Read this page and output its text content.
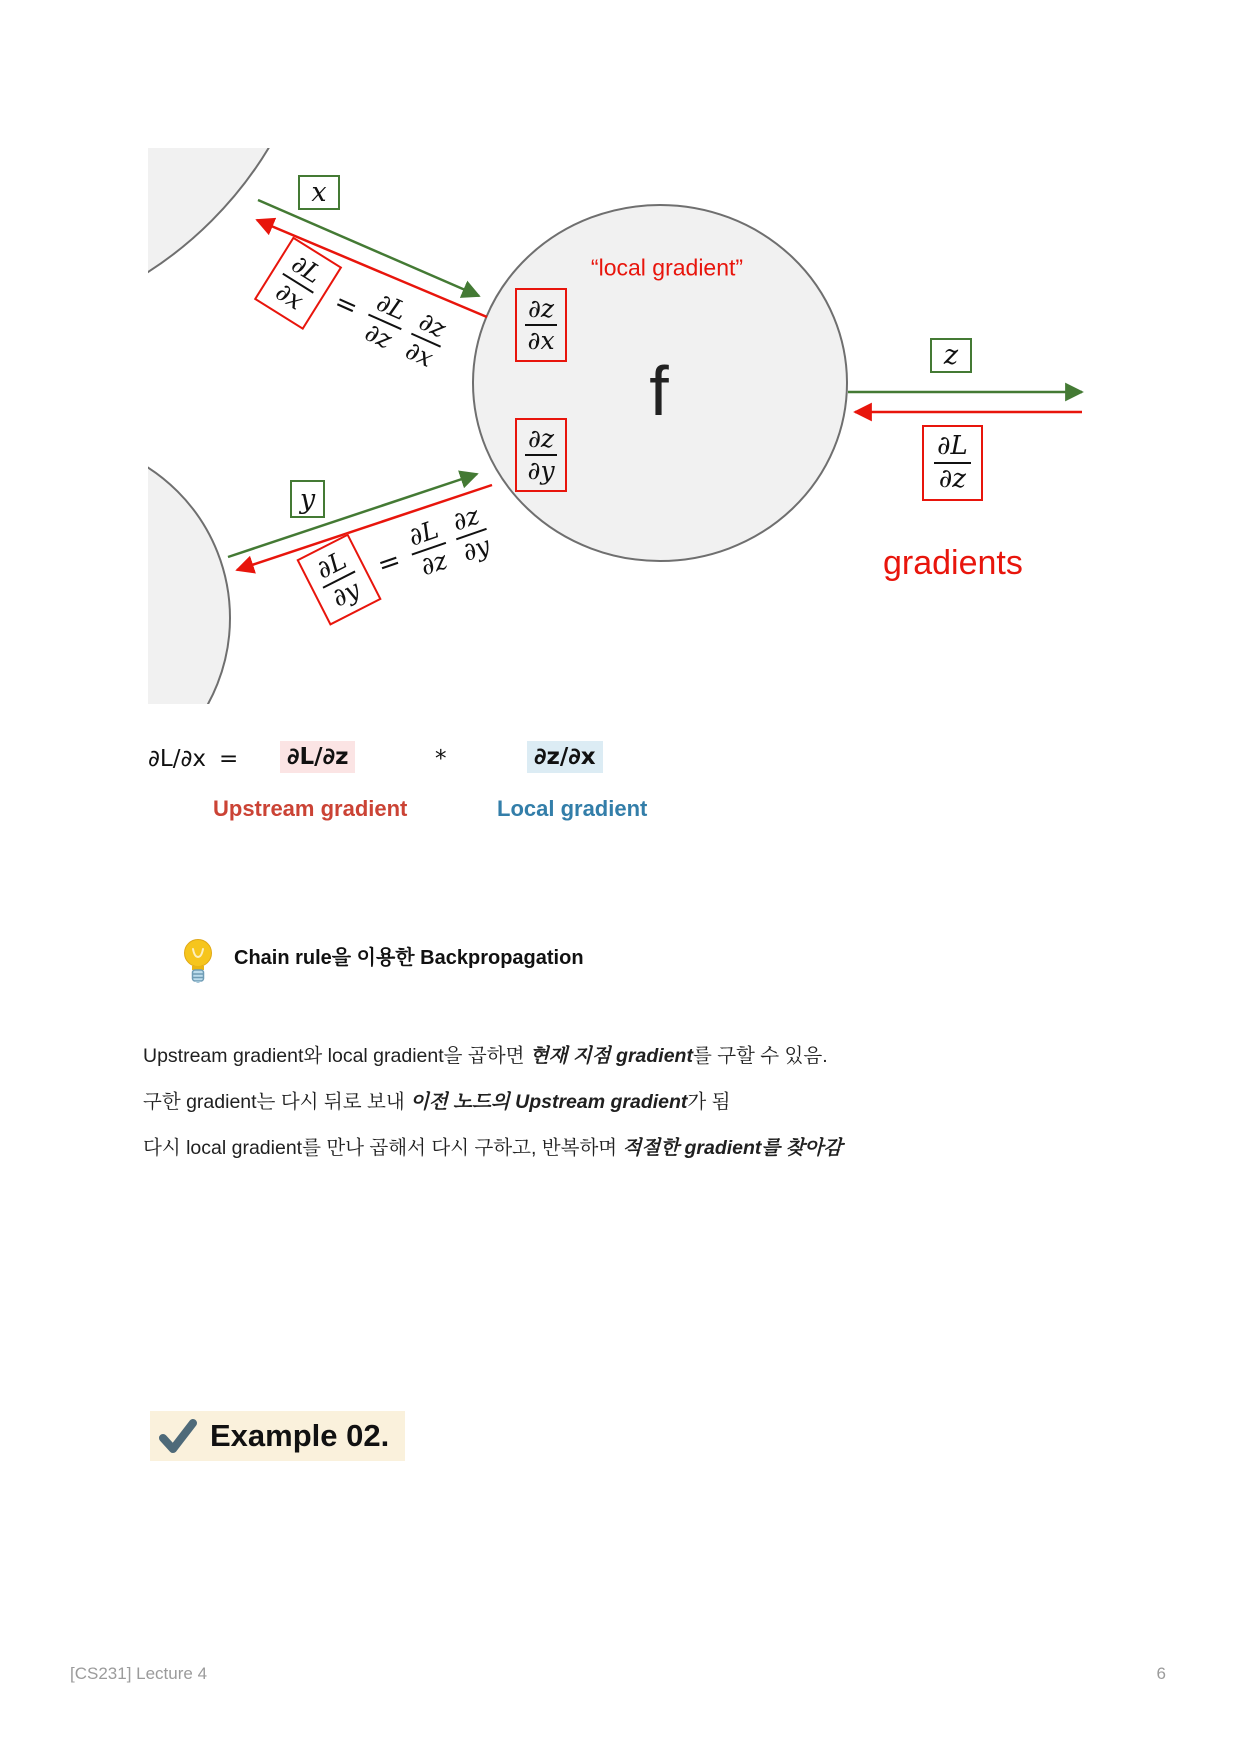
x
y
z
∂L
∂x = ∂L
∂z ∂z
∂x
∂L
∂y
=
∂L
∂z
∂z
∂y
$\frac{\partial z}{\partial x}$
$\frac{\partial z}{\partial y}$	$\frac{\partial L}{\partial z}$
“local gradient”
f
gradients
∂L/∂x =	∂L/∂z	*	∂z/∂x
Upstream gradient	Local gradient
Chain rule을 이용한 Backpropagation
Upstream gradient와 local gradient을 곱하면 현재 지점 gradient를 구할 수 있음.
구한 gradient는 다시 뒤로 보내 이전 노드의 Upstream gradient가 됨
다시 local gradient를 만나 곱해서 다시 구하고, 반복하며 적절한 gradient를 찾아감
Example 02.
[CS231] Lecture 4	6
